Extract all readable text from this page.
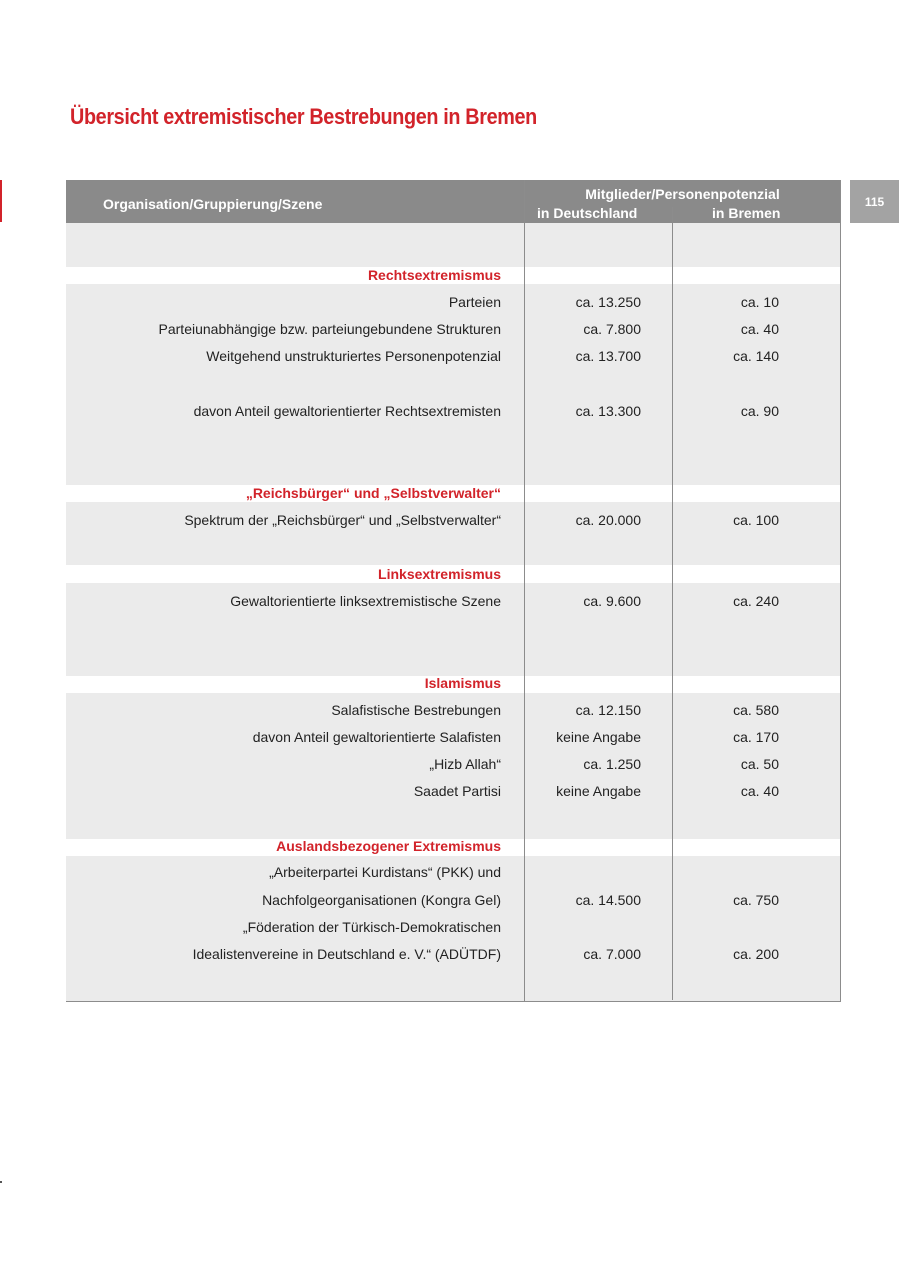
Übersicht extremistischer Bestrebungen in Bremen
115
Organisation/Gruppierung/Szene
Mitglieder/Personenpotenzial
in Deutschland	in Bremen
Rechtsextremismus
Parteien	ca. 13.250	ca. 10
Parteiunabhängige bzw. parteiungebundene Strukturen	ca. 7.800	ca. 40
Weitgehend unstrukturiertes Personenpotenzial	ca. 13.700	ca. 140
davon Anteil gewaltorientierter Rechtsextremisten	ca. 13.300	ca. 90
„Reichsbürger“ und „Selbstverwalter“
Spektrum der „Reichsbürger“ und „Selbstverwalter“	ca. 20.000	ca. 100
Linksextremismus
Gewaltorientierte linksextremistische Szene	ca. 9.600	ca. 240
Islamismus
Salafistische Bestrebungen	ca. 12.150	ca. 580
davon Anteil gewaltorientierte Salafisten	keine Angabe	ca. 170
„Hizb Allah“	ca. 1.250	ca. 50
Saadet Partisi	keine Angabe	ca. 40
Auslandsbezogener Extremismus
„Arbeiterpartei Kurdistans“ (PKK) und
Nachfolgeorganisationen (Kongra Gel)	ca. 14.500	ca. 750
„Föderation der Türkisch-Demokratischen
Idealistenvereine in Deutschland e. V.“ (ADÜTDF)	ca. 7.000	ca. 200
